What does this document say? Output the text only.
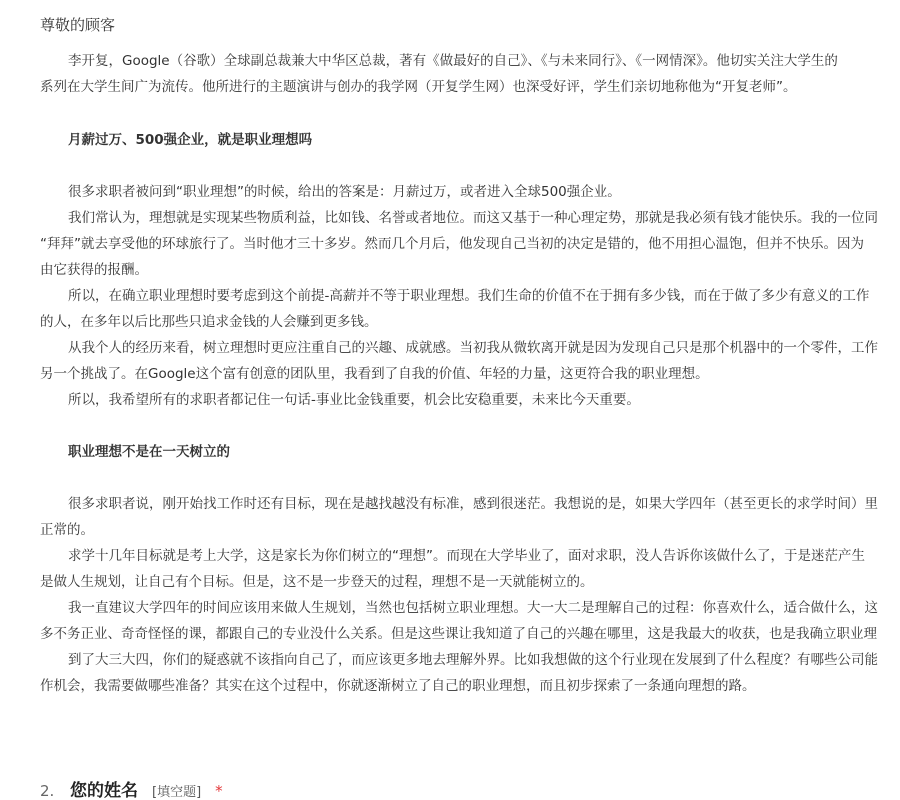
尊敬的顾客
李开复，Google（谷歌）全球副总裁兼大中华区总裁，著有《做最好的自己》、《与未来同行》、《一网情深》。他切实关注大学生的
系列在大学生间广为流传。他所进行的主题演讲与创办的我学网（开复学生网）也深受好评，学生们亲切地称他为“开复老师”。
月薪过万、500强企业，就是职业理想吗
很多求职者被问到“职业理想”的时候，给出的答案是：月薪过万，或者进入全球500强企业。
我们常认为，理想就是实现某些物质利益，比如钱、名誉或者地位。而这又基于一种心理定势，那就是我必须有钱才能快乐。我的一位同
“拜拜”就去享受他的环球旅行了。当时他才三十多岁。然而几个月后，他发现自己当初的决定是错的，他不用担心温饱，但并不快乐。因为
由它获得的报酬。
所以，在确立职业理想时要考虑到这个前提-高薪并不等于职业理想。我们生命的价值不在于拥有多少钱，而在于做了多少有意义的工作
的人，在多年以后比那些只追求金钱的人会赚到更多钱。
从我个人的经历来看，树立理想时更应注重自己的兴趣、成就感。当初我从微软离开就是因为发现自己只是那个机器中的一个零件，工作
另一个挑战了。在Google这个富有创意的团队里，我看到了自我的价值、年轻的力量，这更符合我的职业理想。
所以，我希望所有的求职者都记住一句话-事业比金钱重要，机会比安稳重要，未来比今天重要。
职业理想不是在一天树立的
很多求职者说，刚开始找工作时还有目标，现在是越找越没有标准，感到很迷茫。我想说的是，如果大学四年（甚至更长的求学时间）里
正常的。
求学十几年目标就是考上大学，这是家长为你们树立的“理想”。而现在大学毕业了，面对求职，没人告诉你该做什么了，于是迷茫产生
是做人生规划，让自己有个目标。但是，这不是一步登天的过程，理想不是一天就能树立的。
我一直建议大学四年的时间应该用来做人生规划，当然也包括树立职业理想。大一大二是理解自己的过程：你喜欢什么，适合做什么，这
多不务正业、奇奇怪怪的课，都跟自己的专业没什么关系。但是这些课让我知道了自己的兴趣在哪里，这是我最大的收获，也是我确立职业理
到了大三大四，你们的疑惑就不该指向自己了，而应该更多地去理解外界。比如我想做的这个行业现在发展到了什么程度？有哪些公司能
作机会，我需要做哪些准备？其实在这个过程中，你就逐渐树立了自己的职业理想，而且初步探索了一条通向理想的路。
2. 您的姓名 [填空题] *
